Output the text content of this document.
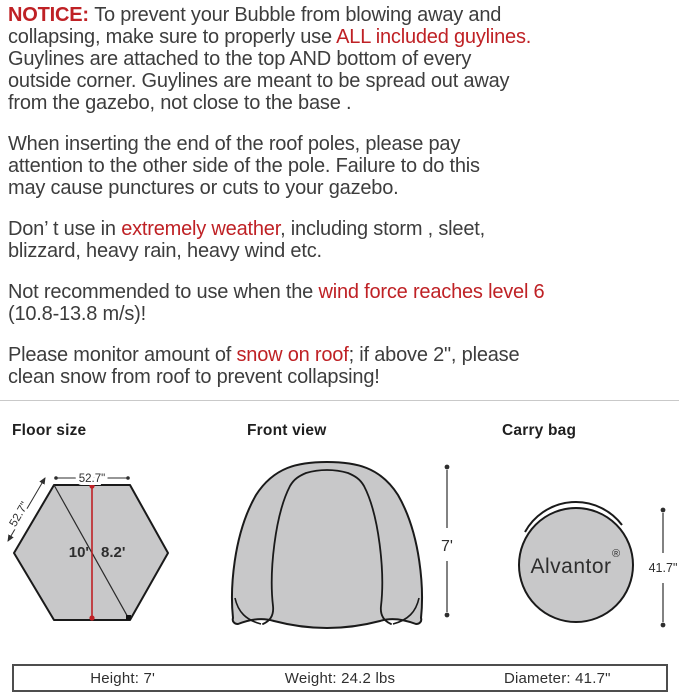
NOTICE: To prevent your Bubble from blowing away and
collapsing, make sure to properly use ALL included guylines.
Guylines are attached to the top AND bottom of every
outside corner. Guylines are meant to be spread out away
from the gazebo, not close to the base .
When inserting the end of the roof poles, please pay
attention to the other side of the pole. Failure to do this
may cause punctures or cuts to your gazebo.
Don’ t use in extremely weather, including storm , sleet,
blizzard, heavy rain, heavy wind etc.
Not recommended to use when the wind force reaches level 6
(10.8-13.8 m/s)!
Please monitor amount of snow on roof; if above 2", please
clean snow from roof to prevent collapsing!
Floor size	Front view	Carry bag
52.7"
52.7"
10' 8.2'	7'
Alvantor
®
41.7"
Height: 7'	Weight: 24.2 lbs	Diameter: 41.7"
